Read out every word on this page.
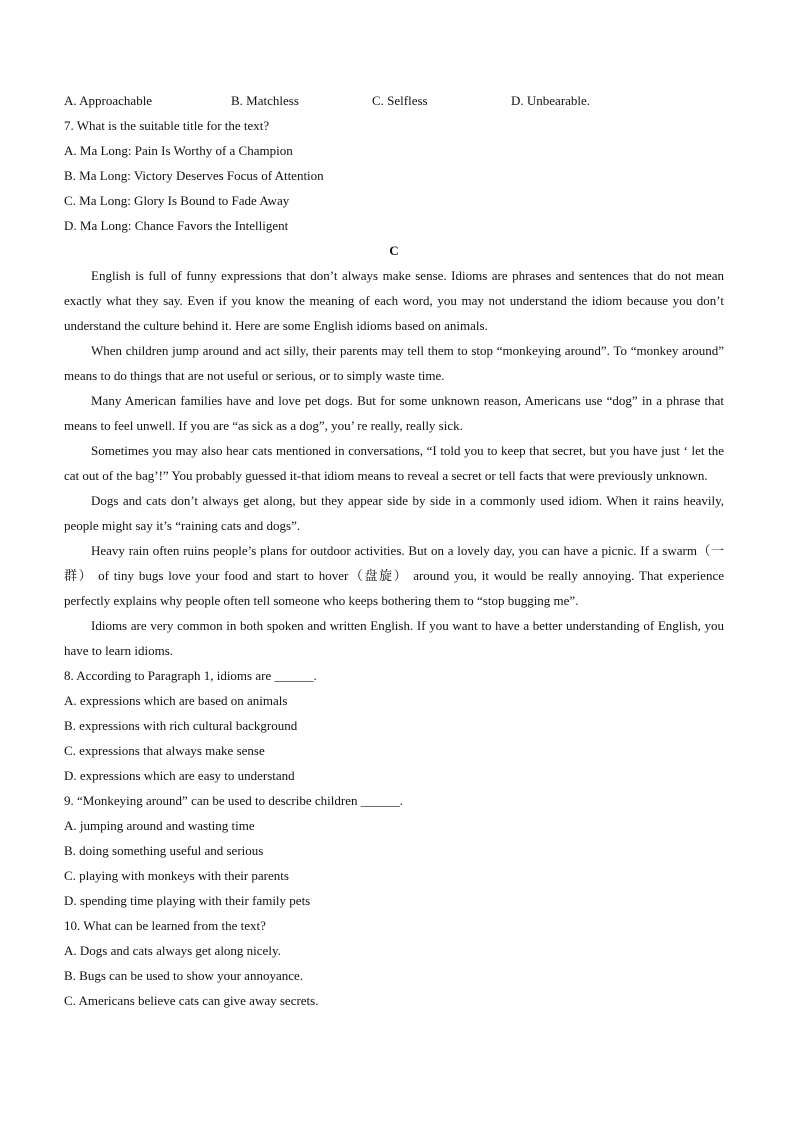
A. Approachable	B. Matchless	C. Selfless	D. Unbearable.
7. What is the suitable title for the text?
A. Ma Long: Pain Is Worthy of a Champion
B. Ma Long: Victory Deserves Focus of Attention
C. Ma Long: Glory Is Bound to Fade Away
D. Ma Long: Chance Favors the Intelligent
C
English is full of funny expressions that don’t always make sense. Idioms are phrases and sentences that do not mean exactly what they say. Even if you know the meaning of each word, you may not understand the idiom because you don’t understand the culture behind it. Here are some English idioms based on animals.
When children jump around and act silly, their parents may tell them to stop “monkeying around”. To “monkey around” means to do things that are not useful or serious, or to simply waste time.
Many American families have and love pet dogs. But for some unknown reason, Americans use “dog” in a phrase that means to feel unwell. If you are “as sick as a dog”, you’ re really, really sick.
Sometimes you may also hear cats mentioned in conversations, “I told you to keep that secret, but you have just ‘ let the cat out of the bag’!” You probably guessed it-that idiom means to reveal a secret or tell facts that were previously unknown.
Dogs and cats don’t always get along, but they appear side by side in a commonly used idiom. When it rains heavily, people might say it’s “raining cats and dogs”.
Heavy rain often ruins people’s plans for outdoor activities. But on a lovely day, you can have a picnic. If a swarm（一群） of tiny bugs love your food and start to hover（盘旋） around you, it would be really annoying. That experience perfectly explains why people often tell someone who keeps bothering them to “stop bugging me”.
Idioms are very common in both spoken and written English. If you want to have a better understanding of English, you have to learn idioms.
8. According to Paragraph 1, idioms are ______.
A. expressions which are based on animals
B. expressions with rich cultural background
C. expressions that always make sense
D. expressions which are easy to understand
9. “Monkeying around” can be used to describe children ______.
A. jumping around and wasting time
B. doing something useful and serious
C. playing with monkeys with their parents
D. spending time playing with their family pets
10. What can be learned from the text?
A. Dogs and cats always get along nicely.
B. Bugs can be used to show your annoyance.
C. Americans believe cats can give away secrets.
